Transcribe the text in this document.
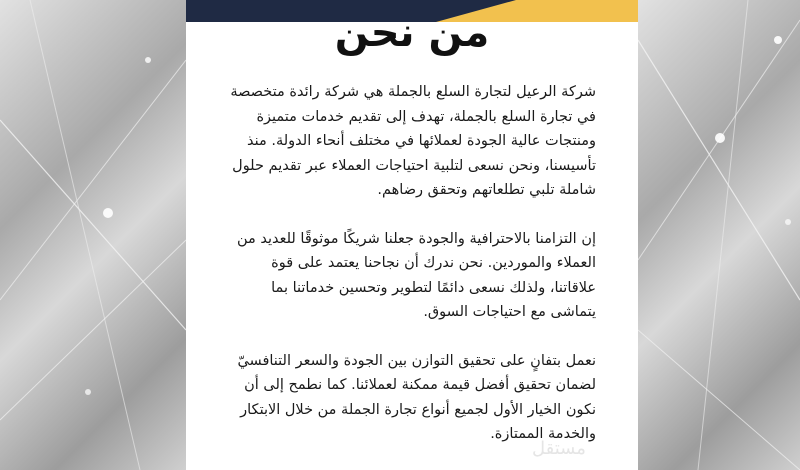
من نحن

شركة الرعيل لتجارة السلع بالجملة هي شركة رائدة متخصصة في تجارة السلع بالجملة، تهدف إلى تقديم خدمات متميزة ومنتجات عالية الجودة لعملائها في مختلف أنحاء الدولة. منذ تأسيسنا، ونحن نسعى لتلبية احتياجات العملاء عبر تقديم حلول شاملة تلبي تطلعاتهم وتحقق رضاهم.

إن التزامنا بالاحترافية والجودة جعلنا شريكًا موثوقًا للعديد من العملاء والموردين. نحن ندرك أن نجاحنا يعتمد على قوة علاقاتنا، ولذلك نسعى دائمًا لتطوير وتحسين خدماتنا بما يتماشى مع احتياجات السوق.

نعمل بتفانٍ على تحقيق التوازن بين الجودة والسعر التنافسيّ لضمان تحقيق أفضل قيمة ممكنة لعملائنا. كما نطمح إلى أن نكون الخيار الأول لجميع أنواع تجارة الجملة من خلال الابتكار والخدمة الممتازة.

مستقل
